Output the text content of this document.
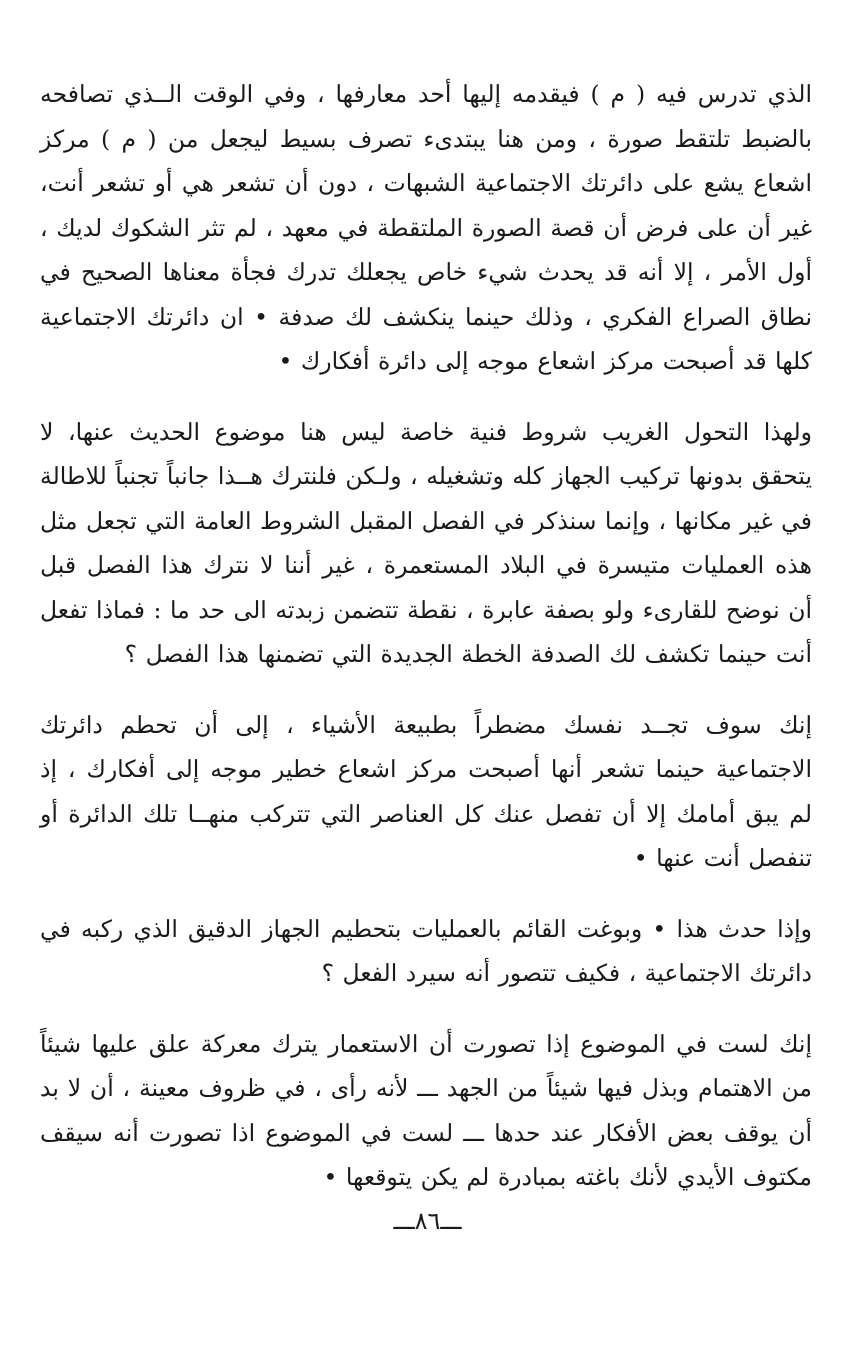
الذي تدرس فيه ( م ) فيقدمه إليها أحد معارفها ، وفي الوقت الــذي تصافحه بالضبط تلتقط صورة ، ومن هنا يبتدىء تصرف بسيط ليجعل من ( م ) مركز اشعاع يشع على دائرتك الاجتماعية الشبهات ، دون أن تشعر هي أو تشعر أنت، غير أن على فرض أن قصة الصورة الملتقطة في معهد ، لم تثر الشكوك لديك ، أول الأمر ، إلا أنه قد يحدث شيء خاص يجعلك تدرك فجأة معناها الصحيح في نطاق الصراع الفكري ، وذلك حينما ينكشف لك صدفة • ان دائرتك الاجتماعية كلها قد أصبحت مركز اشعاع موجه إلى دائرة أفكارك •

ولهذا التحول الغريب شروط فنية خاصة ليس هنا موضوع الحديث عنها، لا يتحقق بدونها تركيب الجهاز كله وتشغيله ، ولـكن فلنترك هــذا جانباً تجنباً للاطالة في غير مكانها ، وإنما سنذكر في الفصل المقبل الشروط العامة التي تجعل مثل هذه العمليات متيسرة في البلاد المستعمرة ، غير أننا لا نترك هذا الفصل قبل أن نوضح للقارىء ولو بصفة عابرة ، نقطة تتضمن زبدته الى حد ما : فماذا تفعل أنت حينما تكشف لك الصدفة الخطة الجديدة التي تضمنها هذا الفصل ؟

إنك سوف تجــد نفسك مضطراً بطبيعة الأشياء ، إلى أن تحطم دائرتك الاجتماعية حينما تشعر أنها أصبحت مركز اشعاع خطير موجه إلى أفكارك ، إذ لم يبق أمامك إلا أن تفصل عنك كل العناصر التي تتركب منهــا تلك الدائرة أو تنفصل أنت عنها •

وإذا حدث هذا • وبوغت القائم بالعمليات بتحطيم الجهاز الدقيق الذي ركبه في دائرتك الاجتماعية ، فكيف تتصور أنه سيرد الفعل ؟

إنك لست في الموضوع إذا تصورت أن الاستعمار يترك معركة علق عليها شيئاً من الاهتمام وبذل فيها شيئاً من الجهد ـــ لأنه رأى ، في ظروف معينة ، أن لا بد أن يوقف بعض الأفكار عند حدها ـــ لست في الموضوع اذا تصورت أنه سيقف مكتوف الأيدي لأنك باغته بمبادرة لم يكن يتوقعها •

ـــ٨٦ـــ
